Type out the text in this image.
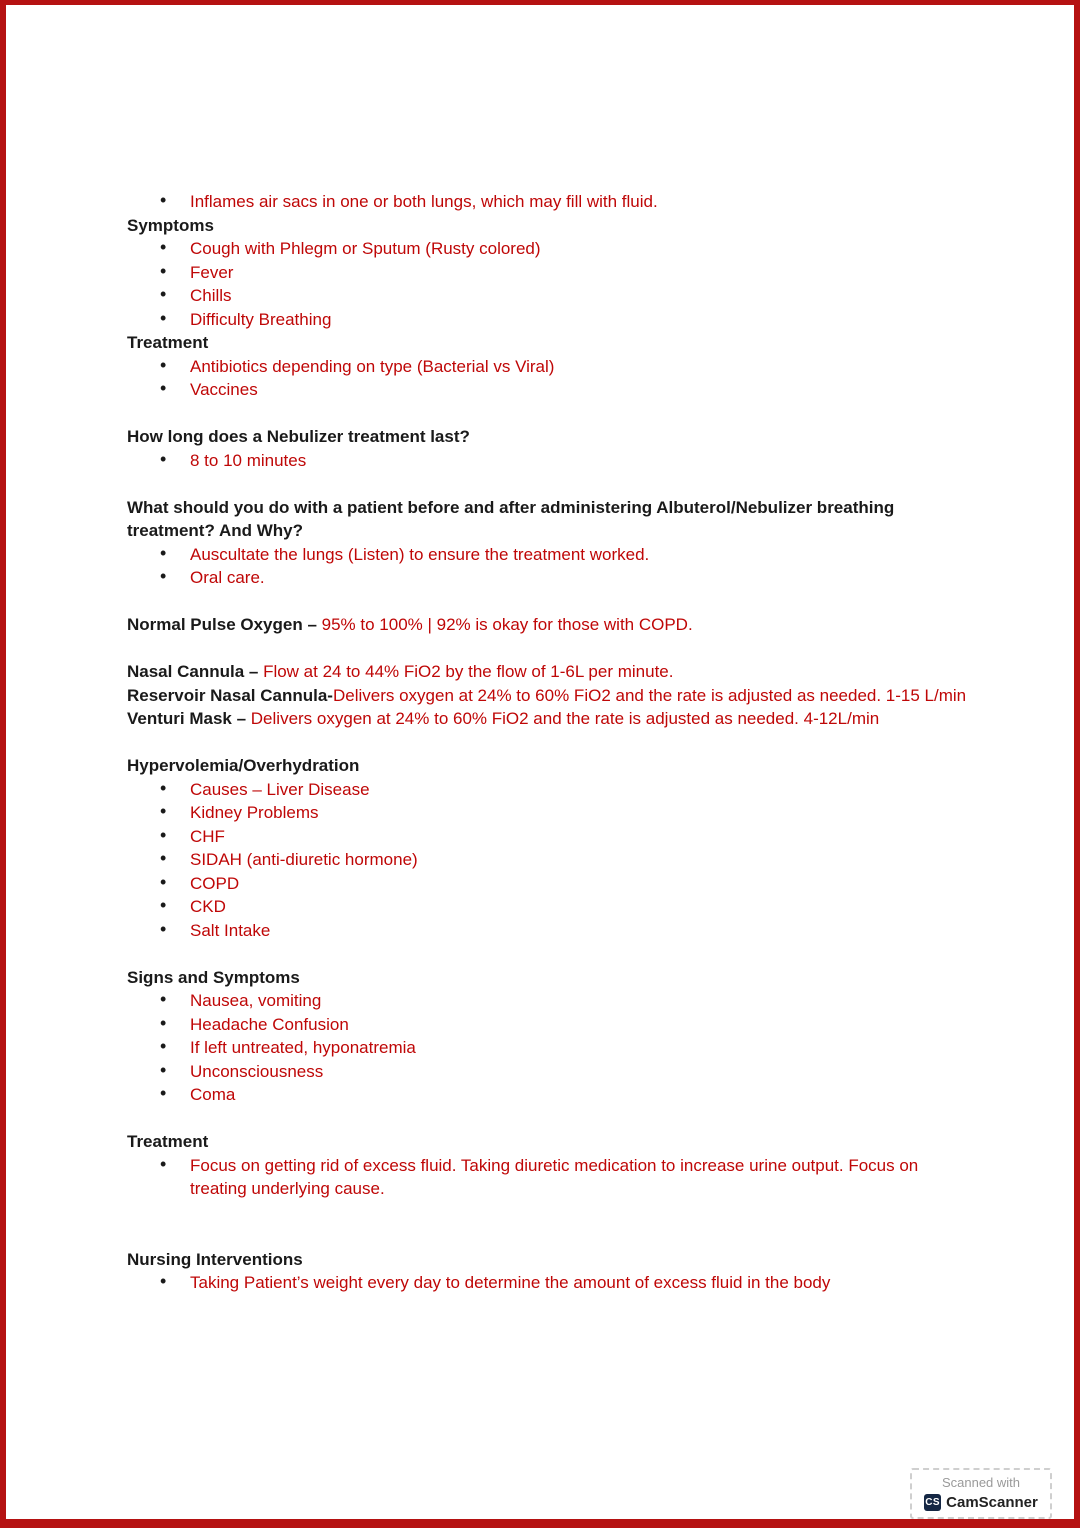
• Inflames air sacs in one or both lungs, which may fill with fluid.
Symptoms
• Cough with Phlegm or Sputum (Rusty colored)
• Fever
• Chills
• Difficulty Breathing
Treatment
• Antibiotics depending on type (Bacterial vs Viral)
• Vaccines
How long does a Nebulizer treatment last?
• 8 to 10 minutes
What should you do with a patient before and after administering Albuterol/Nebulizer breathing treatment? And Why?
• Auscultate the lungs (Listen) to ensure the treatment worked.
• Oral care.
Normal Pulse Oxygen – 95% to 100% | 92% is okay for those with COPD.
Nasal Cannula – Flow at 24 to 44% FiO2 by the flow of 1-6L per minute.
Reservoir Nasal Cannula-Delivers oxygen at 24% to 60% FiO2 and the rate is adjusted as needed. 1-15 L/min
Venturi Mask – Delivers oxygen at 24% to 60% FiO2 and the rate is adjusted as needed. 4-12L/min
Hypervolemia/Overhydration
• Causes – Liver Disease
• Kidney Problems
• CHF
• SIDAH (anti-diuretic hormone)
• COPD
• CKD
• Salt Intake
Signs and Symptoms
• Nausea, vomiting
• Headache Confusion
• If left untreated, hyponatremia
• Unconsciousness
• Coma
Treatment
• Focus on getting rid of excess fluid. Taking diuretic medication to increase urine output. Focus on treating underlying cause.
Nursing Interventions
• Taking Patient’s weight every day to determine the amount of excess fluid in the body
Scanned with
CS CamScanner
